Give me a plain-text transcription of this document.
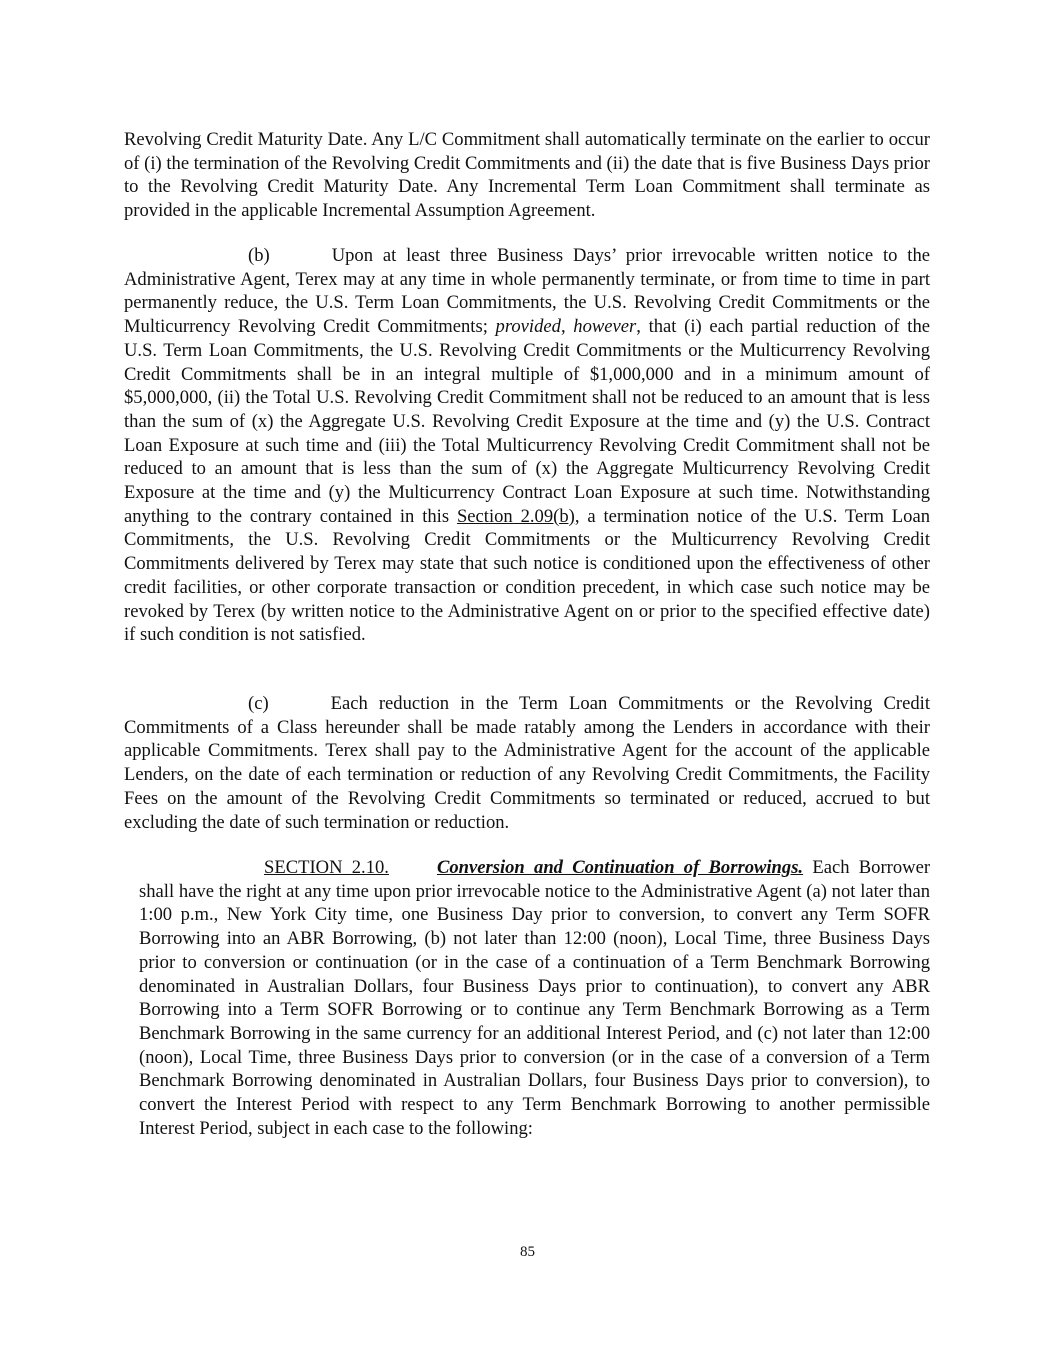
Revolving Credit Maturity Date. Any L/C Commitment shall automatically terminate on the earlier to occur of (i) the termination of the Revolving Credit Commitments and (ii) the date that is five Business Days prior to the Revolving Credit Maturity Date. Any Incremental Term Loan Commitment shall terminate as provided in the applicable Incremental Assumption Agreement.

(b)	Upon at least three Business Days’ prior irrevocable written notice to the Administrative Agent, Terex may at any time in whole permanently terminate, or from time to time in part permanently reduce, the U.S. Term Loan Commitments, the U.S. Revolving Credit Commitments or the Multicurrency Revolving Credit Commitments; provided, however, that (i) each partial reduction of the U.S. Term Loan Commitments, the U.S. Revolving Credit Commitments or the Multicurrency Revolving Credit Commitments shall be in an integral multiple of $1,000,000 and in a minimum amount of $5,000,000, (ii) the Total U.S. Revolving Credit Commitment shall not be reduced to an amount that is less than the sum of (x) the Aggregate U.S. Revolving Credit Exposure at the time and (y) the U.S. Contract Loan Exposure at such time and (iii) the Total Multicurrency Revolving Credit Commitment shall not be reduced to an amount that is less than the sum of (x) the Aggregate Multicurrency Revolving Credit Exposure at the time and (y) the Multicurrency Contract Loan Exposure at such time. Notwithstanding anything to the contrary contained in this Section 2.09(b), a termination notice of the U.S. Term Loan Commitments, the U.S. Revolving Credit Commitments or the Multicurrency Revolving Credit Commitments delivered by Terex may state that such notice is conditioned upon the effectiveness of other credit facilities, or other corporate transaction or condition precedent, in which case such notice may be revoked by Terex (by written notice to the Administrative Agent on or prior to the specified effective date) if such condition is not satisfied.

(c)	Each reduction in the Term Loan Commitments or the Revolving Credit Commitments of a Class hereunder shall be made ratably among the Lenders in accordance with their applicable Commitments. Terex shall pay to the Administrative Agent for the account of the applicable Lenders, on the date of each termination or reduction of any Revolving Credit Commitments, the Facility Fees on the amount of the Revolving Credit Commitments so terminated or reduced, accrued to but excluding the date of such termination or reduction.

SECTION 2.10.	Conversion and Continuation of Borrowings. Each Borrower shall have the right at any time upon prior irrevocable notice to the Administrative Agent (a) not later than 1:00 p.m., New York City time, one Business Day prior to conversion, to convert any Term SOFR Borrowing into an ABR Borrowing, (b) not later than 12:00 (noon), Local Time, three Business Days prior to conversion or continuation (or in the case of a continuation of a Term Benchmark Borrowing denominated in Australian Dollars, four Business Days prior to continuation), to convert any ABR Borrowing into a Term SOFR Borrowing or to continue any Term Benchmark Borrowing as a Term Benchmark Borrowing in the same currency for an additional Interest Period, and (c) not later than 12:00 (noon), Local Time, three Business Days prior to conversion (or in the case of a conversion of a Term Benchmark Borrowing denominated in Australian Dollars, four Business Days prior to conversion), to convert the Interest Period with respect to any Term Benchmark Borrowing to another permissible Interest Period, subject in each case to the following:

85
